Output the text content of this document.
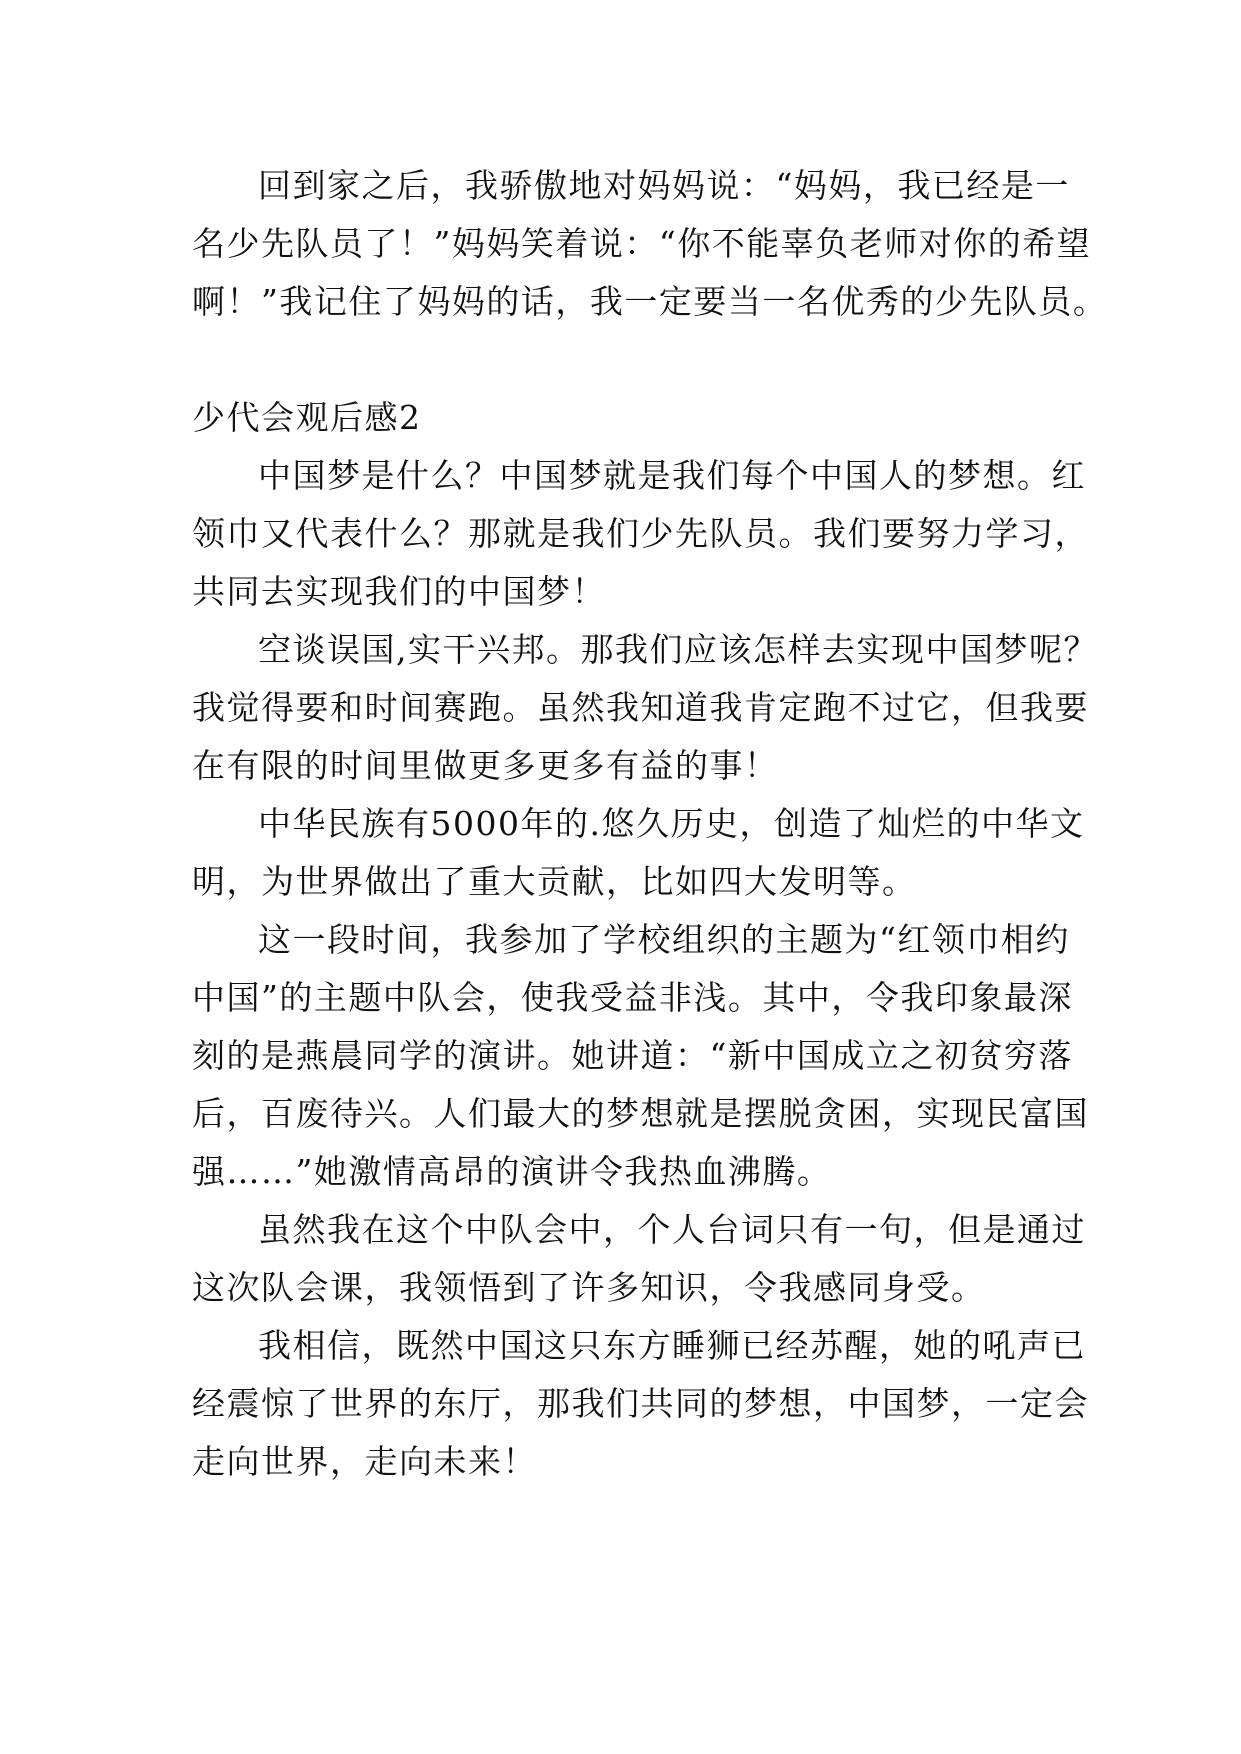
回到家之后，我骄傲地对妈妈说：“妈妈，我已经是一
名少先队员了！”妈妈笑着说：“你不能辜负老师对你的希望
啊！”我记住了妈妈的话，我一定要当一名优秀的少先队员。
少代会观后感2
中国梦是什么？中国梦就是我们每个中国人的梦想。红
领巾又代表什么？那就是我们少先队员。我们要努力学习，
共同去实现我们的中国梦！
空谈误国,实干兴邦。那我们应该怎样去实现中国梦呢？
我觉得要和时间赛跑。虽然我知道我肯定跑不过它，但我要
在有限的时间里做更多更多有益的事！
中华民族有5000年的.悠久历史，创造了灿烂的中华文
明，为世界做出了重大贡献，比如四大发明等。
这一段时间，我参加了学校组织的主题为“红领巾相约
中国”的主题中队会，使我受益非浅。其中，令我印象最深
刻的是燕晨同学的演讲。她讲道：“新中国成立之初贫穷落
后，百废待兴。人们最大的梦想就是摆脱贪困，实现民富国
强……”她激情高昂的演讲令我热血沸腾。
虽然我在这个中队会中，个人台词只有一句，但是通过
这次队会课，我领悟到了许多知识，令我感同身受。
我相信，既然中国这只东方睡狮已经苏醒，她的吼声已
经震惊了世界的东厅，那我们共同的梦想，中国梦，一定会
走向世界，走向未来！
